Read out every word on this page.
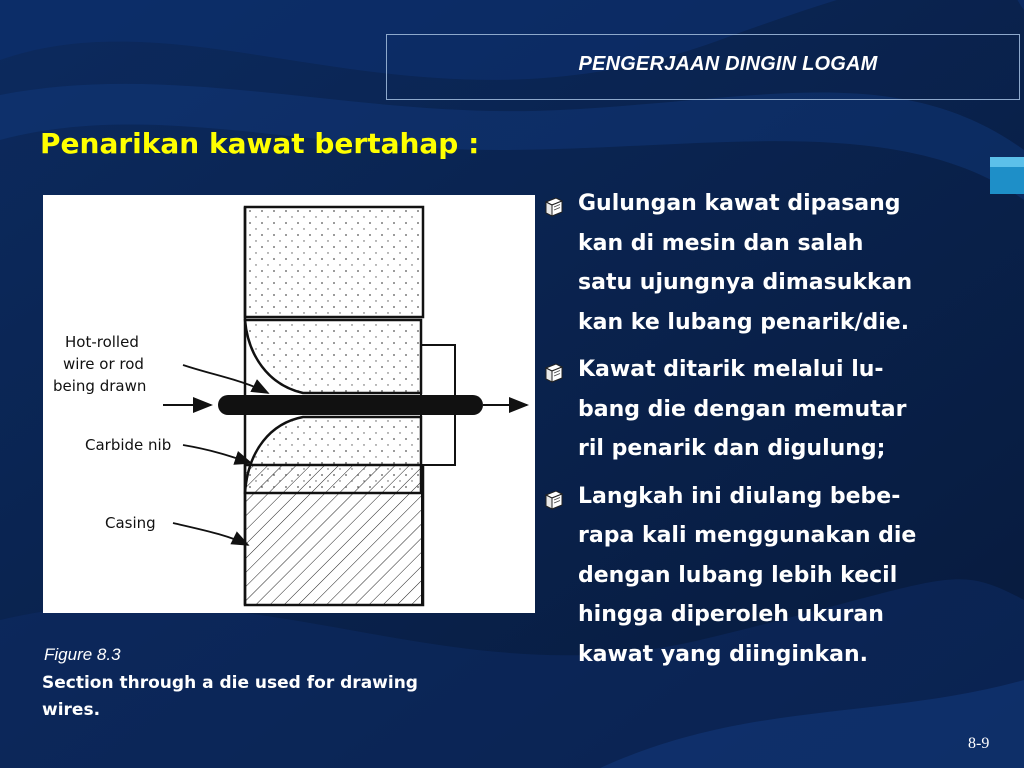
PENGERJAAN DINGIN LOGAM
Penarikan kawat bertahap :
Hot-rolled
wire or rod
being drawn
Carbide nib
Casing
Figure 8.3
Section through a die used for drawing wires.
Gulungan kawat dipasang
kan di mesin dan salah
satu ujungnya dimasukkan
kan ke lubang penarik/die.
Kawat ditarik melalui lu-
bang die dengan memutar
ril penarik dan digulung;
Langkah ini diulang bebe-
rapa kali menggunakan die
dengan lubang lebih kecil
hingga diperoleh ukuran
kawat yang diinginkan.
8-9
